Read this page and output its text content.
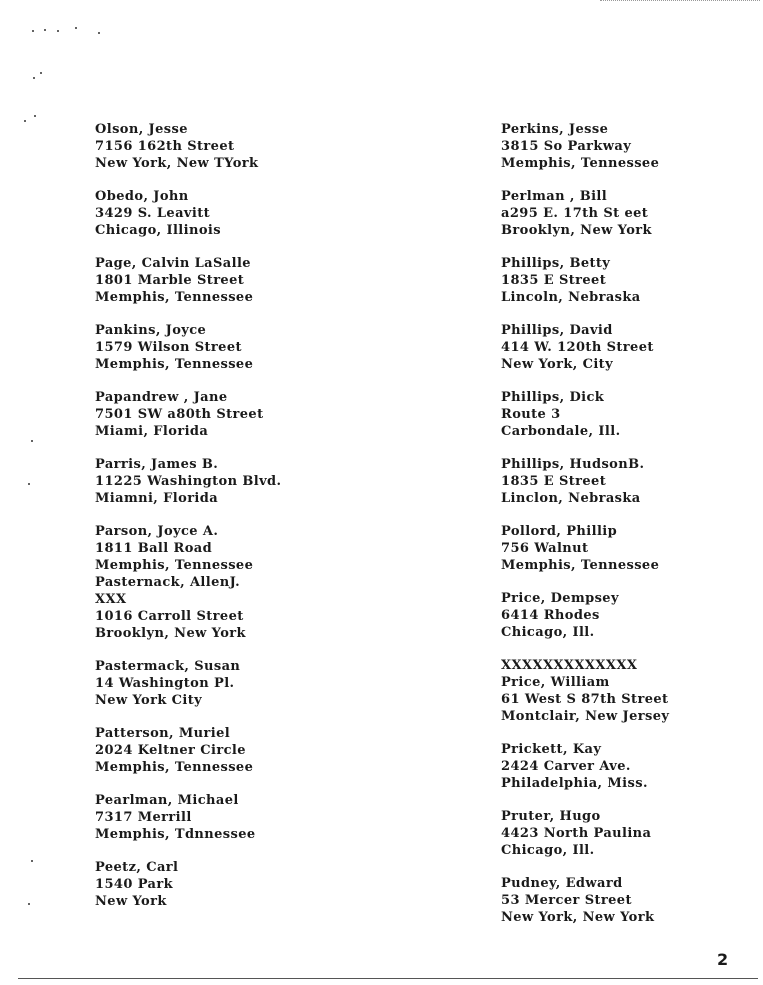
Olson, Jesse
7156 162th Street
New York, New TYork
Obedo, John
3429 S. Leavitt
Chicago, Illinois
Page, Calvin LaSalle
1801 Marble Street
Memphis, Tennessee
Pankins, Joyce
1579 Wilson Street
Memphis, Tennessee
Papandrew , Jane
7501 SW a80th Street
Miami, Florida
Parris, James B.
11225 Washington Blvd.
Miamni, Florida
Parson, Joyce A.
1811 Ball Road
Memphis, Tennessee
Pasternack, AllenJ.
XXX
1016 Carroll Street
Brooklyn, New York
Pastermack, Susan
14 Washington Pl.
New York City
Patterson, Muriel
2024 Keltner Circle
Memphis, Tennessee
Pearlman, Michael
7317 Merrill
Memphis, Tdnnessee
Peetz, Carl
1540 Park
New York
Perkins, Jesse
3815 So Parkway
Memphis, Tennessee
Perlman , Bill
a295 E. 17th St eet
Brooklyn, New York
Phillips, Betty
1835 E Street
Lincoln, Nebraska
Phillips, David
414 W. 120th Street
New York, City
Phillips, Dick
Route 3
Carbondale, Ill.
Phillips, HudsonB.
1835 E Street
Linclon, Nebraska
Pollord, Phillip
756 Walnut
Memphis, Tennessee
Price, Dempsey
6414 Rhodes
Chicago, Ill.
XXXXXXXXXXXXX
Price, William
61 West S 87th Street
Montclair, New Jersey
Prickett, Kay
2424 Carver Ave.
Philadelphia, Miss.
Pruter, Hugo
4423 North Paulina
Chicago, Ill.
Pudney, Edward
53 Mercer Street
New York, New York
2
